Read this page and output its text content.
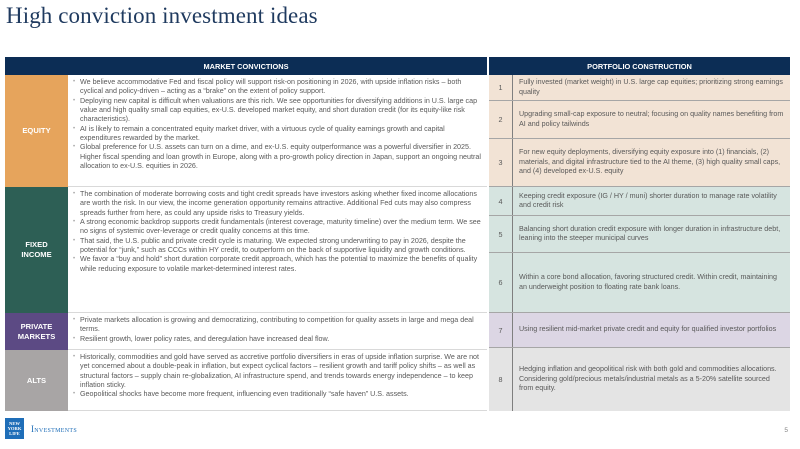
High conviction investment ideas
MARKET CONVICTIONS	PORTFOLIO CONSTRUCTION
EQUITY
• We believe accommodative Fed and fiscal policy will support risk-on positioning in 2026, with upside inflation risks – both cyclical and policy-driven – acting as a “brake” on the extent of policy support.
• Deploying new capital is difficult when valuations are this rich. We see opportunities for diversifying additions in U.S. large cap value and high quality small cap equities, ex-U.S. developed market equity, and short duration credit (for its equity-like risk characteristics).
• AI is likely to remain a concentrated equity market driver, with a virtuous cycle of quality earnings growth and capital expenditures rewarded by the market.
• Global preference for U.S. assets can turn on a dime, and ex-U.S. equity outperformance was a powerful diversifier in 2025. Higher fiscal spending and loan growth in Europe, along with a pro-growth policy direction in Japan, support an ongoing neutral allocation to ex-U.S. equities in 2026.
FIXED INCOME
• The combination of moderate borrowing costs and tight credit spreads have investors asking whether fixed income allocations are worth the risk. In our view, the income generation opportunity remains attractive. Additional Fed cuts may also compress spreads further from here, as could any upside risks to Treasury yields.
• A strong economic backdrop supports credit fundamentals (interest coverage, maturity timeline) over the medium term. We see no signs of systemic over-leverage or credit quality concerns at this time.
• That said, the U.S. public and private credit cycle is maturing. We expected strong underwriting to pay in 2026, despite the potential for “junk,” such as CCCs within HY credit, to outperform on the back of supportive liquidity and growth conditions.
• We favor a “buy and hold” short duration corporate credit approach, which has the potential to maximize the benefits of quality while reducing exposure to volatile market-determined interest rates.
PRIVATE MARKETS
• Private markets allocation is growing and democratizing, contributing to competition for quality assets in large and mega deal terms.
• Resilient growth, lower policy rates, and deregulation have increased deal flow.
ALTS
• Historically, commodities and gold have served as accretive portfolio diversifiers in eras of upside inflation surprise. We are not yet concerned about a double-peak in inflation, but expect cyclical factors – resilient growth and tariff policy shifts – as well as structural factors – supply chain re-globalization, AI infrastructure spend, and trends towards energy independence – to keep inflation sticky.
• Geopolitical shocks have become more frequent, influencing even traditionally “safe haven” U.S. assets.
1
Fully invested (market weight) in U.S. large cap equities; prioritizing strong earnings quality
2
Upgrading small-cap exposure to neutral; focusing on quality names benefiting from AI and policy tailwinds
3
For new equity deployments, diversifying equity exposure into (1) financials, (2) materials, and digital infrastructure tied to the AI theme, (3) high quality small caps, and (4) developed ex-U.S. equity
4
Keeping credit exposure (IG / HY / muni) shorter duration to manage rate volatility and credit risk
5
Balancing short duration credit exposure with longer duration in infrastructure debt, leaning into the steeper municipal curves
6
Within a core bond allocation, favoring structured credit. Within credit, maintaining an underweight position to floating rate bank loans.
7	Using resilient mid-market private credit and equity for qualified investor portfolios
8
Hedging inflation and geopolitical risk with both gold and commodities allocations. Considering gold/precious metals/industrial metals as a 5-20% satellite sourced from equity.
NEW
YORK
LIFE	Investments	5
